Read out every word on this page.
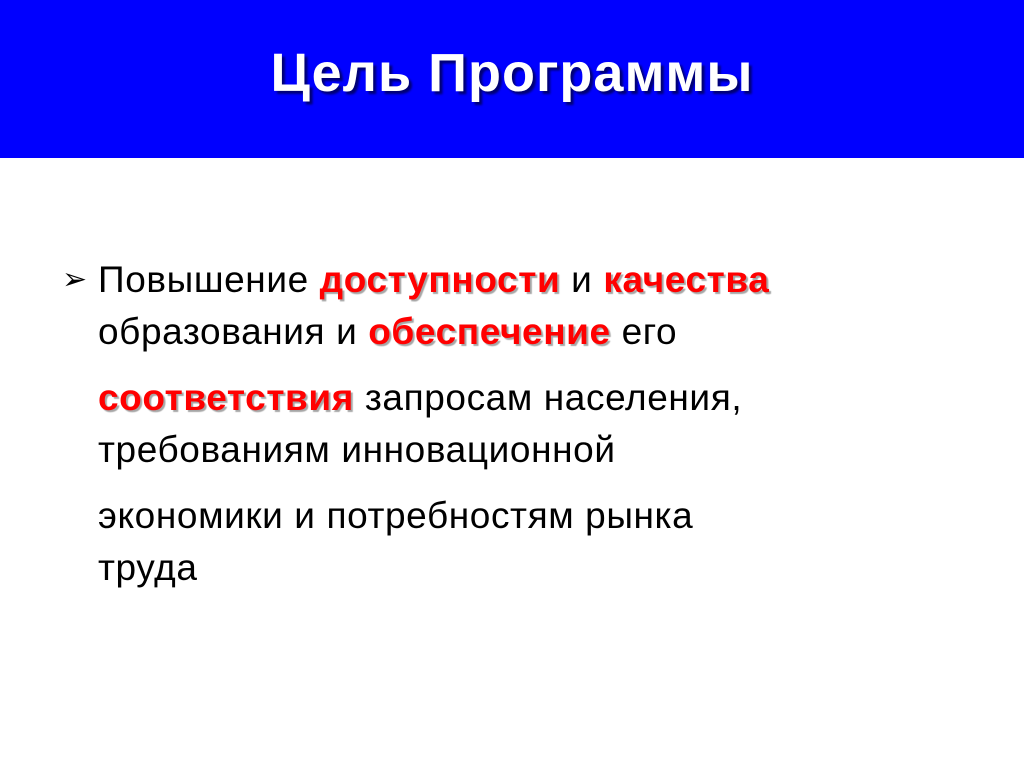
Цель Программы
➢ Повышение доступности и качества
образования и обеспечение его
соответствия запросам населения,
требованиям инновационной
экономики и потребностям рынка
труда
